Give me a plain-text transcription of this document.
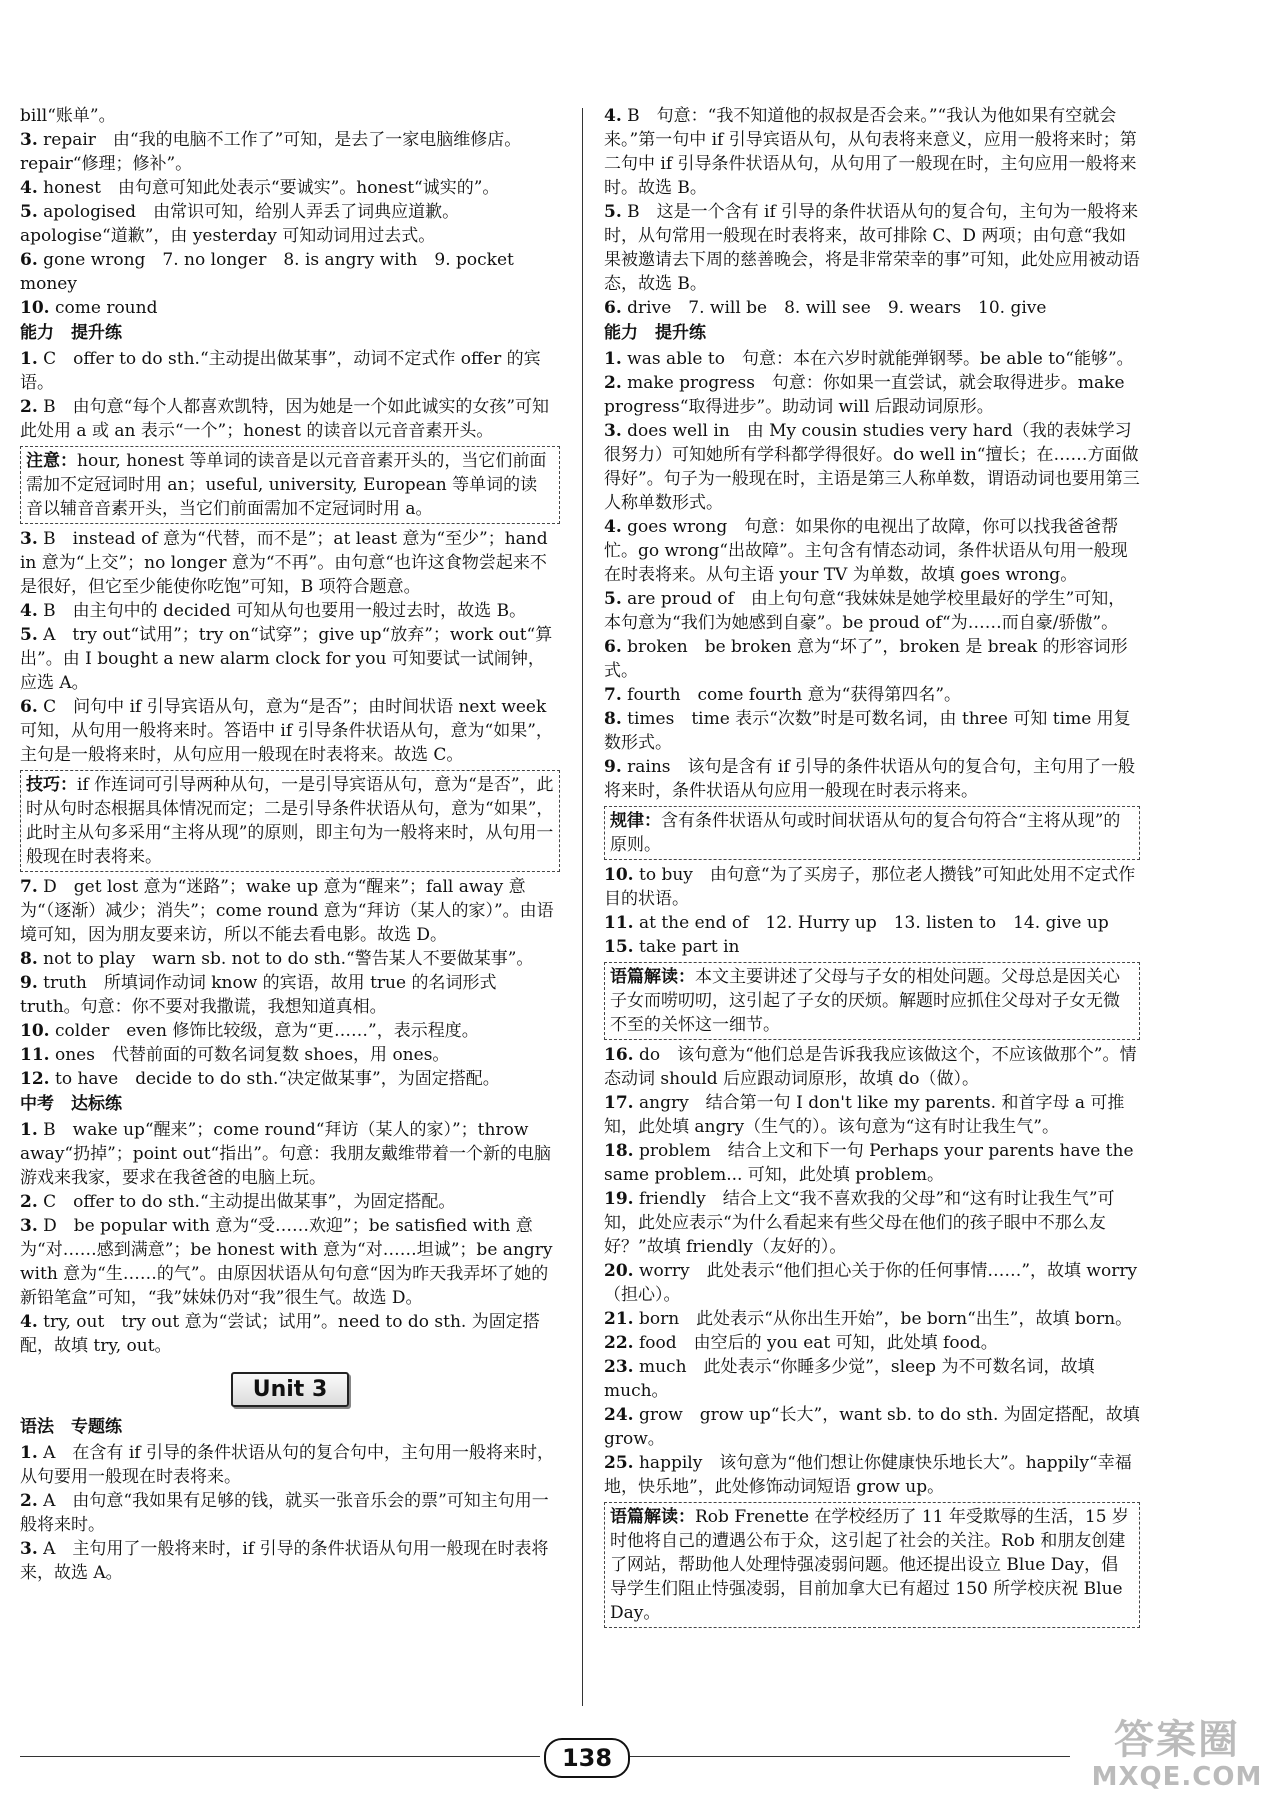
bill“账单”。
3. repair　由“我的电脑不工作了”可知，是去了一家电脑维修店。repair“修理；修补”。
4. honest　由句意可知此处表示“要诚实”。honest“诚实的”。
5. apologised　由常识可知，给别人弄丢了词典应道歉。apologise“道歉”，由 yesterday 可知动词用过去式。
6. gone wrong　7. no longer　8. is angry with　9. pocket money
10. come round
能力　提升练
1. C　offer to do sth.“主动提出做某事”，动词不定式作 offer 的宾语。
2. B　由句意“每个人都喜欢凯特，因为她是一个如此诚实的女孩”可知此处用 a 或 an 表示“一个”；honest 的读音以元音音素开头。
注意：hour, honest 等单词的读音是以元音音素开头的，当它们前面需加不定冠词时用 an；useful, university, European 等单词的读音以辅音音素开头，当它们前面需加不定冠词时用 a。
3. B　instead of 意为“代替，而不是”；at least 意为“至少”；hand in 意为“上交”；no longer 意为“不再”。由句意“也许这食物尝起来不是很好，但它至少能使你吃饱”可知，B 项符合题意。
4. B　由主句中的 decided 可知从句也要用一般过去时，故选 B。
5. A　try out“试用”；try on“试穿”；give up“放弃”；work out“算出”。由 I bought a new alarm clock for you 可知要试一试闹钟，应选 A。
6. C　问句中 if 引导宾语从句，意为“是否”；由时间状语 next week 可知，从句用一般将来时。答语中 if 引导条件状语从句，意为“如果”，主句是一般将来时，从句应用一般现在时表将来。故选 C。
技巧：if 作连词可引导两种从句，一是引导宾语从句，意为“是否”，此时从句时态根据具体情况而定；二是引导条件状语从句，意为“如果”，此时主从句多采用“主将从现”的原则，即主句为一般将来时，从句用一般现在时表将来。
7. D　get lost 意为“迷路”；wake up 意为“醒来”；fall away 意为“（逐渐）减少；消失”；come round 意为“拜访（某人的家）”。由语境可知，因为朋友要来访，所以不能去看电影。故选 D。
8. not to play　warn sb. not to do sth.“警告某人不要做某事”。
9. truth　所填词作动词 know 的宾语，故用 true 的名词形式 truth。句意：你不要对我撒谎，我想知道真相。
10. colder　even 修饰比较级，意为“更……”，表示程度。
11. ones　代替前面的可数名词复数 shoes，用 ones。
12. to have　decide to do sth.“决定做某事”，为固定搭配。
中考　达标练
1. B　wake up“醒来”；come round“拜访（某人的家）”；throw away“扔掉”；point out“指出”。句意：我朋友戴维带着一个新的电脑游戏来我家，要求在我爸爸的电脑上玩。
2. C　offer to do sth.“主动提出做某事”，为固定搭配。
3. D　be popular with 意为“受……欢迎”；be satisfied with 意为“对……感到满意”；be honest with 意为“对……坦诚”；be angry with 意为“生……的气”。由原因状语从句句意“因为昨天我弄坏了她的新铅笔盒”可知，“我”妹妹仍对“我”很生气。故选 D。
4. try, out　try out 意为“尝试；试用”。need to do sth. 为固定搭配，故填 try, out。
Unit 3
语法　专题练
1. A　在含有 if 引导的条件状语从句的复合句中，主句用一般将来时，从句要用一般现在时表将来。
2. A　由句意“我如果有足够的钱，就买一张音乐会的票”可知主句用一般将来时。
3. A　主句用了一般将来时，if 引导的条件状语从句用一般现在时表将来，故选 A。
4. B　句意：“我不知道他的叔叔是否会来。”“我认为他如果有空就会来。”第一句中 if 引导宾语从句，从句表将来意义，应用一般将来时；第二句中 if 引导条件状语从句，从句用了一般现在时，主句应用一般将来时。故选 B。
5. B　这是一个含有 if 引导的条件状语从句的复合句，主句为一般将来时，从句常用一般现在时表将来，故可排除 C、D 两项；由句意“我如果被邀请去下周的慈善晚会，将是非常荣幸的事”可知，此处应用被动语态，故选 B。
6. drive　7. will be　8. will see　9. wears　10. give
能力　提升练
1. was able to　句意：本在六岁时就能弹钢琴。be able to“能够”。
2. make progress　句意：你如果一直尝试，就会取得进步。make progress“取得进步”。助动词 will 后跟动词原形。
3. does well in　由 My cousin studies very hard（我的表妹学习很努力）可知她所有学科都学得很好。do well in“擅长；在……方面做得好”。句子为一般现在时，主语是第三人称单数，谓语动词也要用第三人称单数形式。
4. goes wrong　句意：如果你的电视出了故障，你可以找我爸爸帮忙。go wrong“出故障”。主句含有情态动词，条件状语从句用一般现在时表将来。从句主语 your TV 为单数，故填 goes wrong。
5. are proud of　由上句句意“我妹妹是她学校里最好的学生”可知，本句意为“我们为她感到自豪”。be proud of“为……而自豪/骄傲”。
6. broken　be broken 意为“坏了”，broken 是 break 的形容词形式。
7. fourth　come fourth 意为“获得第四名”。
8. times　time 表示“次数”时是可数名词，由 three 可知 time 用复数形式。
9. rains　该句是含有 if 引导的条件状语从句的复合句，主句用了一般将来时，条件状语从句应用一般现在时表示将来。
规律：含有条件状语从句或时间状语从句的复合句符合“主将从现”的原则。
10. to buy　由句意“为了买房子，那位老人攒钱”可知此处用不定式作目的状语。
11. at the end of　12. Hurry up　13. listen to　14. give up
15. take part in
语篇解读：本文主要讲述了父母与子女的相处问题。父母总是因关心子女而唠叨叨，这引起了子女的厌烦。解题时应抓住父母对子女无微不至的关怀这一细节。
16. do　该句意为“他们总是告诉我我应该做这个，不应该做那个”。情态动词 should 后应跟动词原形，故填 do（做）。
17. angry　结合第一句 I don't like my parents. 和首字母 a 可推知，此处填 angry（生气的）。该句意为“这有时让我生气”。
18. problem　结合上文和下一句 Perhaps your parents have the same problem... 可知，此处填 problem。
19. friendly　结合上文“我不喜欢我的父母”和“这有时让我生气”可知，此处应表示“为什么看起来有些父母在他们的孩子眼中不那么友好？”故填 friendly（友好的）。
20. worry　此处表示“他们担心关于你的任何事情……”，故填 worry（担心）。
21. born　此处表示“从你出生开始”，be born“出生”，故填 born。
22. food　由空后的 you eat 可知，此处填 food。
23. much　此处表示“你睡多少觉”，sleep 为不可数名词，故填 much。
24. grow　grow up“长大”，want sb. to do sth. 为固定搭配，故填 grow。
25. happily　该句意为“他们想让你健康快乐地长大”。happily“幸福地，快乐地”，此处修饰动词短语 grow up。
语篇解读：Rob Frenette 在学校经历了 11 年受欺辱的生活，15 岁时他将自己的遭遇公布于众，这引起了社会的关注。Rob 和朋友创建了网站，帮助他人处理恃强凌弱问题。他还提出设立 Blue Day，倡导学生们阻止恃强凌弱，目前加拿大已有超过 150 所学校庆祝 Blue Day。
138	答案圈
MXQE.COM
